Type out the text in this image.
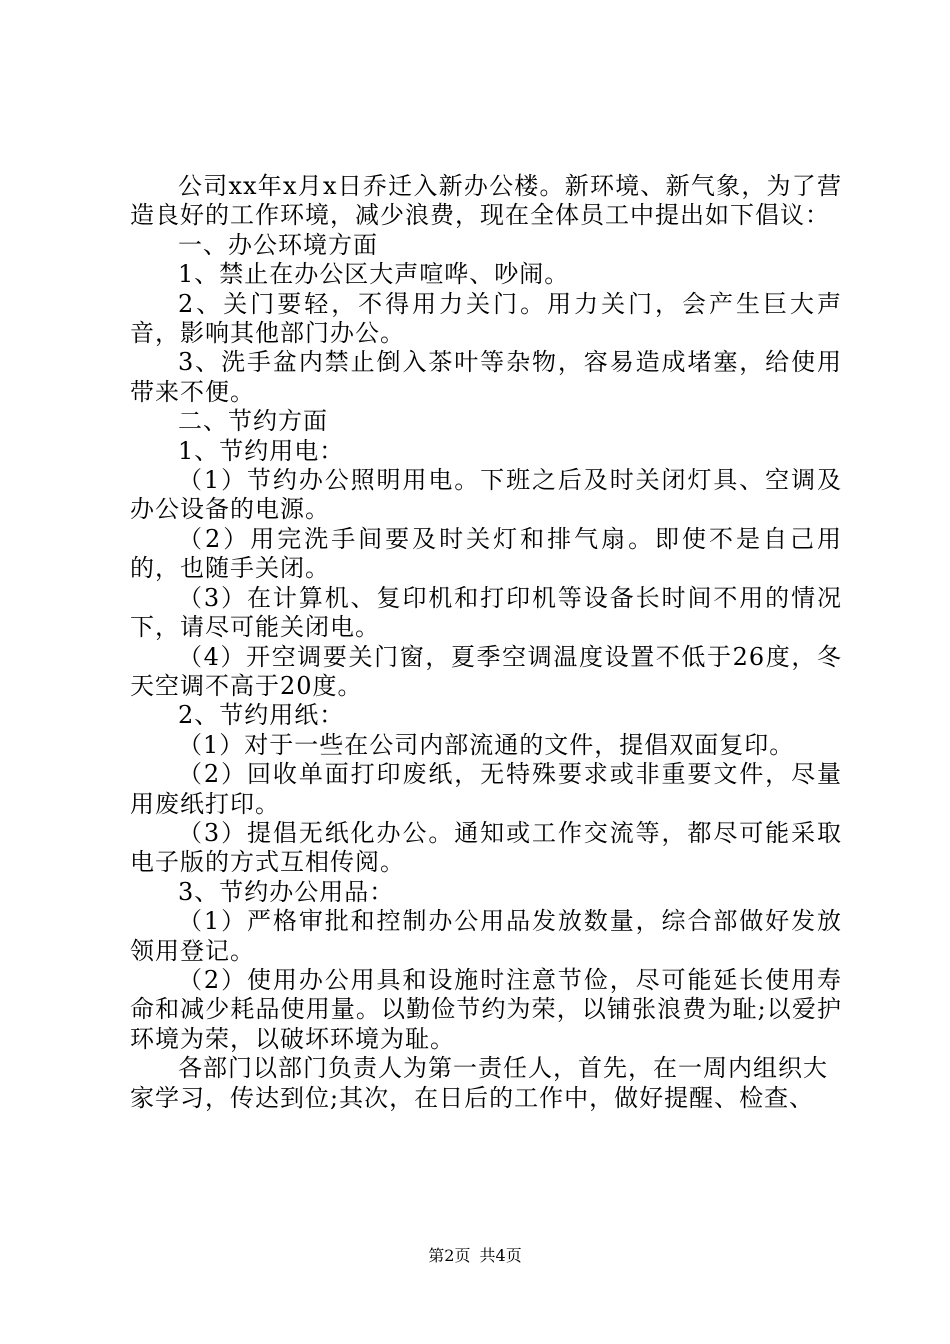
公司xx年x月x日乔迁入新办公楼。新环境、新气象，为了营造良好的工作环境，减少浪费，现在全体员工中提出如下倡议：

一、办公环境方面

1、禁止在办公区大声喧哗、吵闹。

2、关门要轻，不得用力关门。用力关门，会产生巨大声音，影响其他部门办公。

3、洗手盆内禁止倒入茶叶等杂物，容易造成堵塞，给使用带来不便。

二、节约方面

1、节约用电：

（1）节约办公照明用电。下班之后及时关闭灯具、空调及办公设备的电源。

（2）用完洗手间要及时关灯和排气扇。即使不是自己用的，也随手关闭。

（3）在计算机、复印机和打印机等设备长时间不用的情况下，请尽可能关闭电。

（4）开空调要关门窗，夏季空调温度设置不低于26度，冬天空调不高于20度。

2、节约用纸：

（1）对于一些在公司内部流通的文件，提倡双面复印。

（2）回收单面打印废纸，无特殊要求或非重要文件，尽量用废纸打印。

（3）提倡无纸化办公。通知或工作交流等，都尽可能采取电子版的方式互相传阅。

3、节约办公用品：

（1）严格审批和控制办公用品发放数量，综合部做好发放领用登记。

（2）使用办公用具和设施时注意节俭，尽可能延长使用寿命和减少耗品使用量。以勤俭节约为荣，以铺张浪费为耻;以爱护环境为荣，以破坏环境为耻。

各部门以部门负责人为第一责任人，首先，在一周内组织大家学习，传达到位;其次，在日后的工作中，做好提醒、检查、

第2页 共4页
